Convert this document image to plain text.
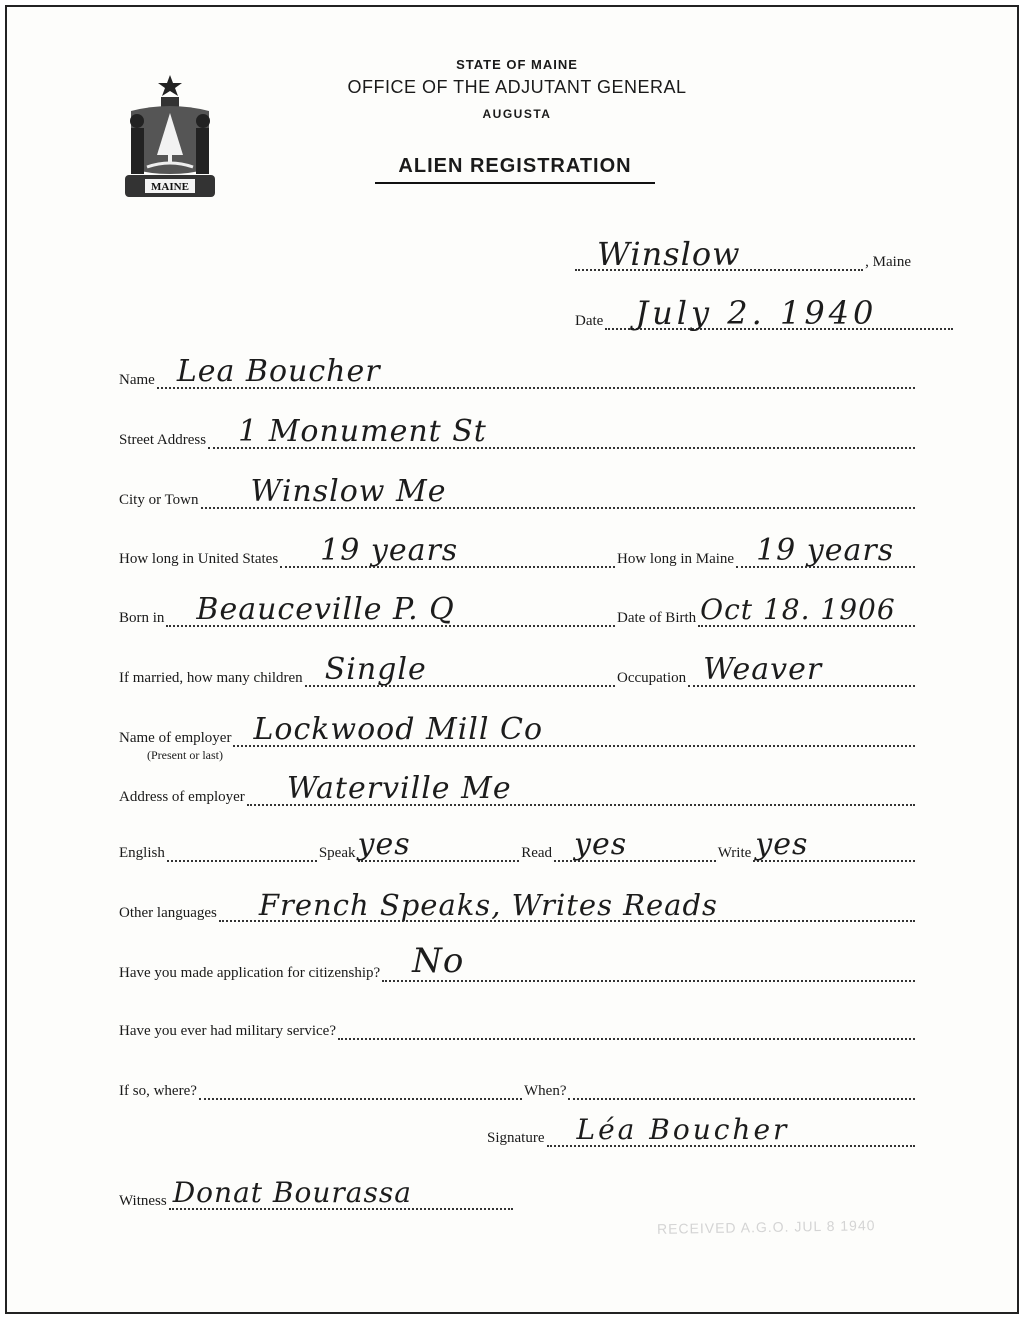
MAINE
STATE OF MAINE
OFFICE OF THE ADJUTANT GENERAL
AUGUSTA
ALIEN REGISTRATION
Winslow	, Maine
Date July 2. 1940
Name Lea Boucher
Street Address 1 Monument St
City or Town Winslow Me
How long in United States 19 years	How long in Maine 19 years
Born in Beauceville P. Q	Date of Birth Oct 18. 1906
If married, how many children Single	Occupation Weaver
Name of employer Lockwood Mill Co
(Present or last)
Address of employer Waterville Me
English	Speak yes	Read yes	Write yes
Other languages French Speaks, Writes Reads
Have you made application for citizenship? No
Have you ever had military service?
If so, where?	When?
Signature Léa Boucher
Witness Donat Bourassa
RECEIVED A.G.O. JUL 8 1940
